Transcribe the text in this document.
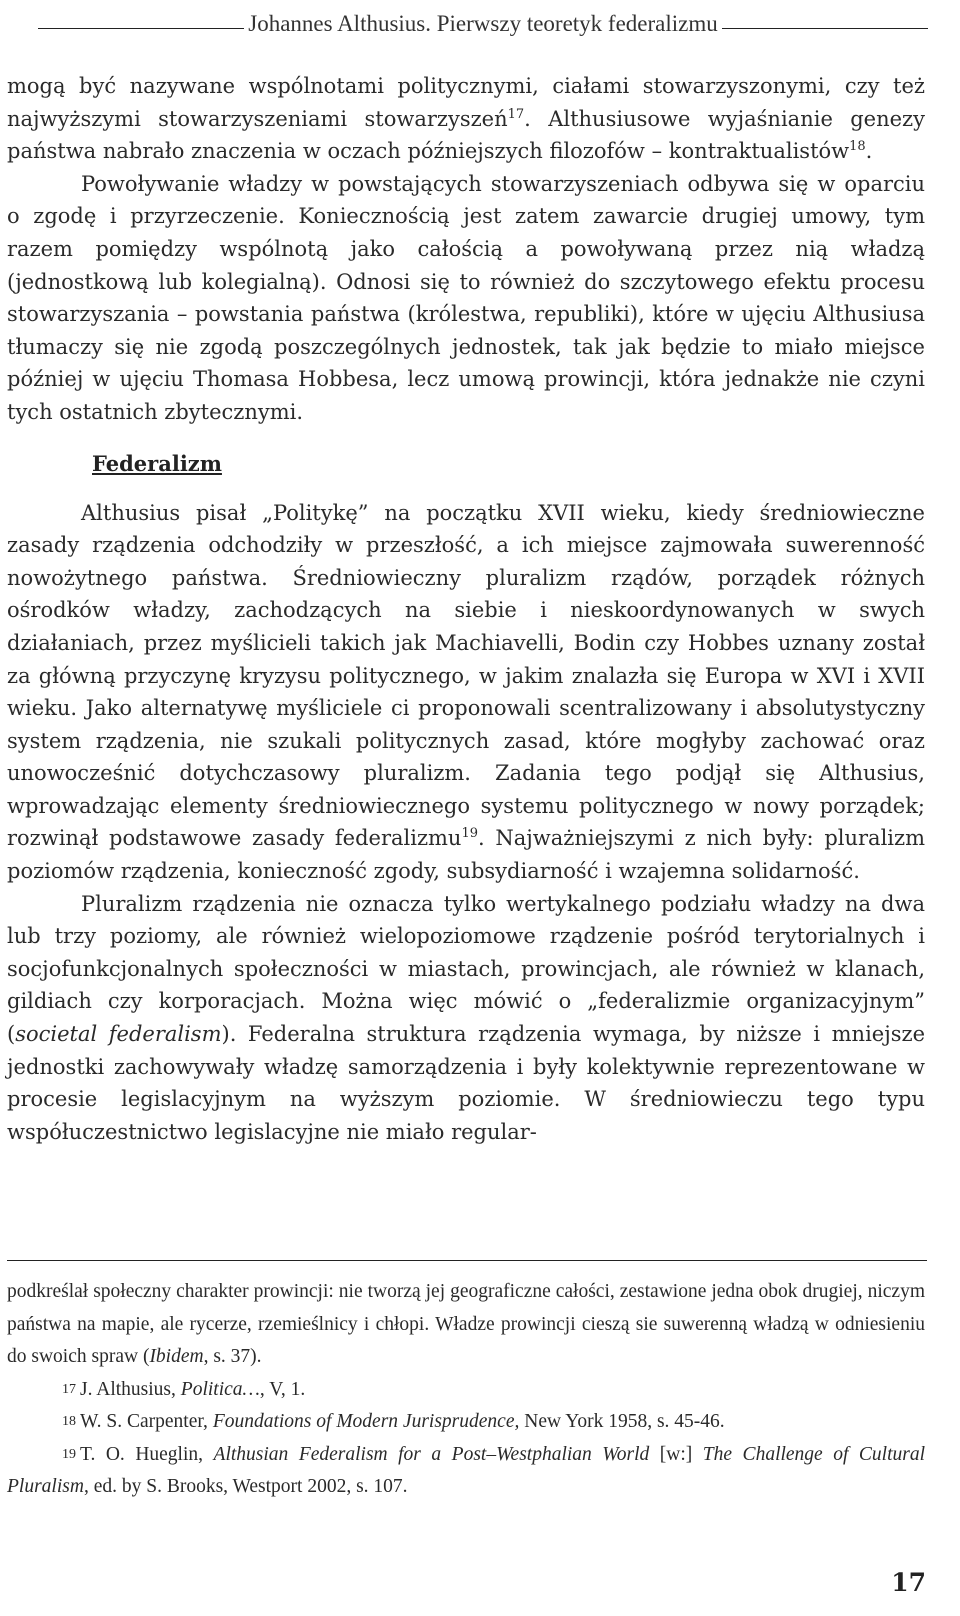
Johannes Althusius. Pierwszy teoretyk federalizmu

mogą być nazywane wspólnotami politycznymi, ciałami stowarzyszonymi, czy też najwyższymi stowarzyszeniami stowarzyszeń$^{17}$. Althusiusowe wyjaśnianie genezy państwa nabrało znaczenia w oczach późniejszych filozofów – kontraktualistów$^{18}$.

Powoływanie władzy w powstających stowarzyszeniach odbywa się w oparciu o zgodę i przyrzeczenie. Koniecznością jest zatem zawarcie drugiej umowy, tym razem pomiędzy wspólnotą jako całością a powoływaną przez nią władzą (jednostkową lub kolegialną). Odnosi się to również do szczytowego efektu procesu stowarzyszania – powstania państwa (królestwa, republiki), które w ujęciu Althusiusa tłumaczy się nie zgodą poszczególnych jednostek, tak jak będzie to miało miejsce później w ujęciu Thomasa Hobbesa, lecz umową prowincji, która jednakże nie czyni tych ostatnich zbytecznymi.

Federalizm

Althusius pisał „Politykę” na początku XVII wieku, kiedy średniowieczne zasady rządzenia odchodziły w przeszłość, a ich miejsce zajmowała suwerenność nowożytnego państwa. Średniowieczny pluralizm rządów, porządek różnych ośrodków władzy, zachodzących na siebie i nieskoordynowanych w swych działaniach, przez myślicieli takich jak Machiavelli, Bodin czy Hobbes uznany został za główną przyczynę kryzysu politycznego, w jakim znalazła się Europa w XVI i XVII wieku. Jako alternatywę myśliciele ci proponowali scentralizowany i absolutystyczny system rządzenia, nie szukali politycznych zasad, które mogłyby zachować oraz unowocześnić dotychczasowy pluralizm. Zadania tego podjął się Althusius, wprowadzając elementy średniowiecznego systemu politycznego w nowy porządek; rozwinął podstawowe zasady federalizmu$^{19}$. Najważniejszymi z nich były: pluralizm poziomów rządzenia, konieczność zgody, subsydiarność i wzajemna solidarność.

Pluralizm rządzenia nie oznacza tylko wertykalnego podziału władzy na dwa lub trzy poziomy, ale również wielopoziomowe rządzenie pośród terytorialnych i socjofunkcjonalnych społeczności w miastach, prowincjach, ale również w klanach, gildiach czy korporacjach. Można więc mówić o „federalizmie organizacyjnym” (societal federalism). Federalna struktura rządzenia wymaga, by niższe i mniejsze jednostki zachowywały władzę samorządzenia i były kolektywnie reprezentowane w procesie legislacyjnym na wyższym poziomie. W średniowieczu tego typu współuczestnictwo legislacyjne nie miało regular-

podkreślał społeczny charakter prowincji: nie tworzą jej geograficzne całości, zestawione jedna obok drugiej, niczym państwa na mapie, ale rycerze, rzemieślnicy i chłopi. Władze prowincji cieszą sie suwerenną władzą w odniesieniu do swoich spraw (Ibidem, s. 37).

17 J. Althusius, Politica…, V, 1.

18 W. S. Carpenter, Foundations of Modern Jurisprudence, New York 1958, s. 45-46.

19 T. O. Hueglin, Althusian Federalism for a Post–Westphalian World [w:] The Challenge of Cultural Pluralism, ed. by S. Brooks, Westport 2002, s. 107.

17
